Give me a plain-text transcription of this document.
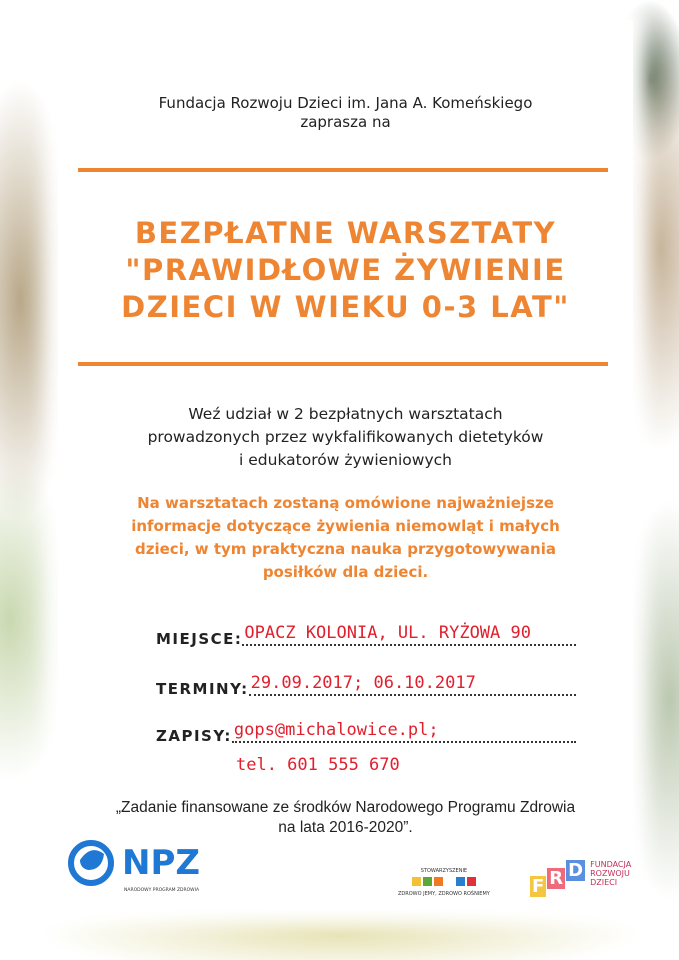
Fundacja Rozwoju Dzieci im. Jana A. Komeńskiego
zaprasza na
BEZPŁATNE WARSZTATY
"PRAWIDŁOWE ŻYWIENIE
DZIECI W WIEKU 0-3 LAT"
Weź udział w 2 bezpłatnych warsztatach
prowadzonych przez wykfalifikowanych dietetyków
i edukatorów żywieniowych
Na warsztatach zostaną omówione najważniejsze
informacje dotyczące żywienia niemowląt i małych
dzieci, w tym praktyczna nauka przygotowywania
posiłków dla dzieci.
MIEJSCE: OPACZ KOLONIA, UL. RYŻOWA 90
TERMINY: 29.09.2017; 06.10.2017
ZAPISY: gops@michalowice.pl;
tel. 601 555 670
„Zadanie finansowane ze środków Narodowego Programu Zdrowia
na lata 2016-2020”.
NPZ
NARODOWY PROGRAM ZDROWIA
STOWARZYSZENIE
ZDROWO JEMY, ZDROWO ROŚNIEMY F R D FUNDACJA
ROZWOJU
DZIECI
